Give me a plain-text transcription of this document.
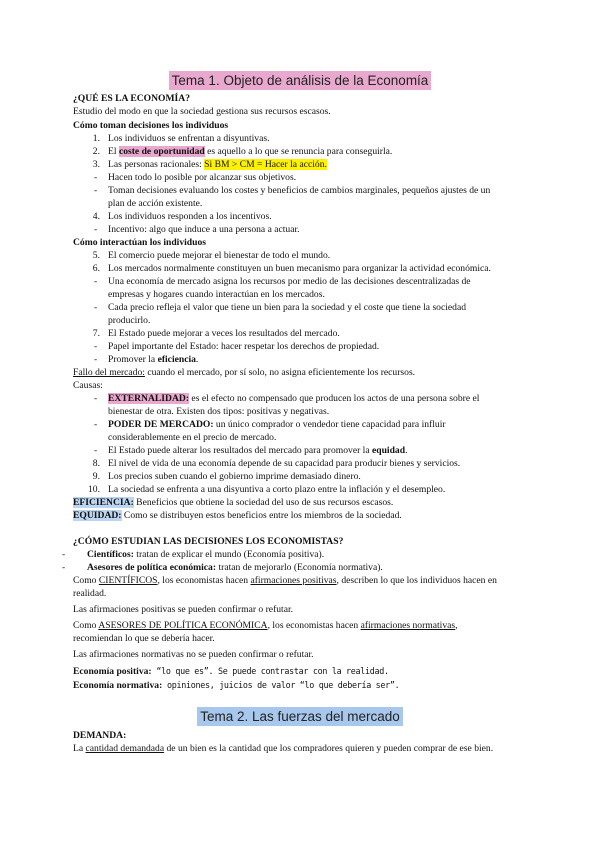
Tema 1. Objeto de análisis de la Economía
¿QUÉ ES LA ECONOMÍA?
Estudio del modo en que la sociedad gestiona sus recursos escasos.
Cómo toman decisiones los individuos
1. Los individuos se enfrentan a disyuntivas.
2. El coste de oportunidad es aquello a lo que se renuncia para conseguirla.
3. Las personas racionales: Si BM > CM = Hacer la acción.
- Hacen todo lo posible por alcanzar sus objetivos.
- Toman decisiones evaluando los costes y beneficios de cambios marginales, pequeños ajustes de un
plan de acción existente.
4. Los individuos responden a los incentivos.
- Incentivo: algo que induce a una persona a actuar.
Cómo interactúan los individuos
5. El comercio puede mejorar el bienestar de todo el mundo.
6. Los mercados normalmente constituyen un buen mecanismo para organizar la actividad económica.
- Una economía de mercado asigna los recursos por medio de las decisiones descentralizadas de
empresas y hogares cuando interactúan en los mercados.
- Cada precio refleja el valor que tiene un bien para la sociedad y el coste que tiene la sociedad
producirlo.
7. El Estado puede mejorar a veces los resultados del mercado.
- Papel importante del Estado: hacer respetar los derechos de propiedad.
- Promover la eficiencia.
Fallo del mercado: cuando el mercado, por sí solo, no asigna eficientemente los recursos.
Causas:
- EXTERNALIDAD: es el efecto no compensado que producen los actos de una persona sobre el
bienestar de otra. Existen dos tipos: positivas y negativas.
- PODER DE MERCADO: un único comprador o vendedor tiene capacidad para influir
considerablemente en el precio de mercado.
- El Estado puede alterar los resultados del mercado para promover la equidad.
8. El nivel de vida de una economía depende de su capacidad para producir bienes y servicios.
9. Los precios suben cuando el gobierno imprime demasiado dinero.
10. La sociedad se enfrenta a una disyuntiva a corto plazo entre la inflación y el desempleo.
EFICIENCIA: Beneficios que obtiene la sociedad del uso de sus recursos escasos.
EQUIDAD: Como se distribuyen estos beneficios entre los miembros de la sociedad.
¿CÓMO ESTUDIAN LAS DECISIONES LOS ECONOMISTAS?
- Científicos: tratan de explicar el mundo (Economía positiva).
- Asesores de política económica: tratan de mejorarlo (Economía normativa).
Como CIENTÍFICOS, los economistas hacen afirmaciones positivas, describen lo que los individuos hacen en
realidad.
Las afirmaciones positivas se pueden confirmar o refutar.
Como ASESORES DE POLÍTICA ECONÓMICA, los economistas hacen afirmaciones normativas,
recomiendan lo que se debería hacer.
Las afirmaciones normativas no se pueden confirmar o refutar.
Economía positiva: “lo que es”. Se puede contrastar con la realidad.
Economía normativa: opiniones, juicios de valor “lo que debería ser”.
Tema 2. Las fuerzas del mercado
DEMANDA:
La cantidad demandada de un bien es la cantidad que los compradores quieren y pueden comprar de ese bien.
